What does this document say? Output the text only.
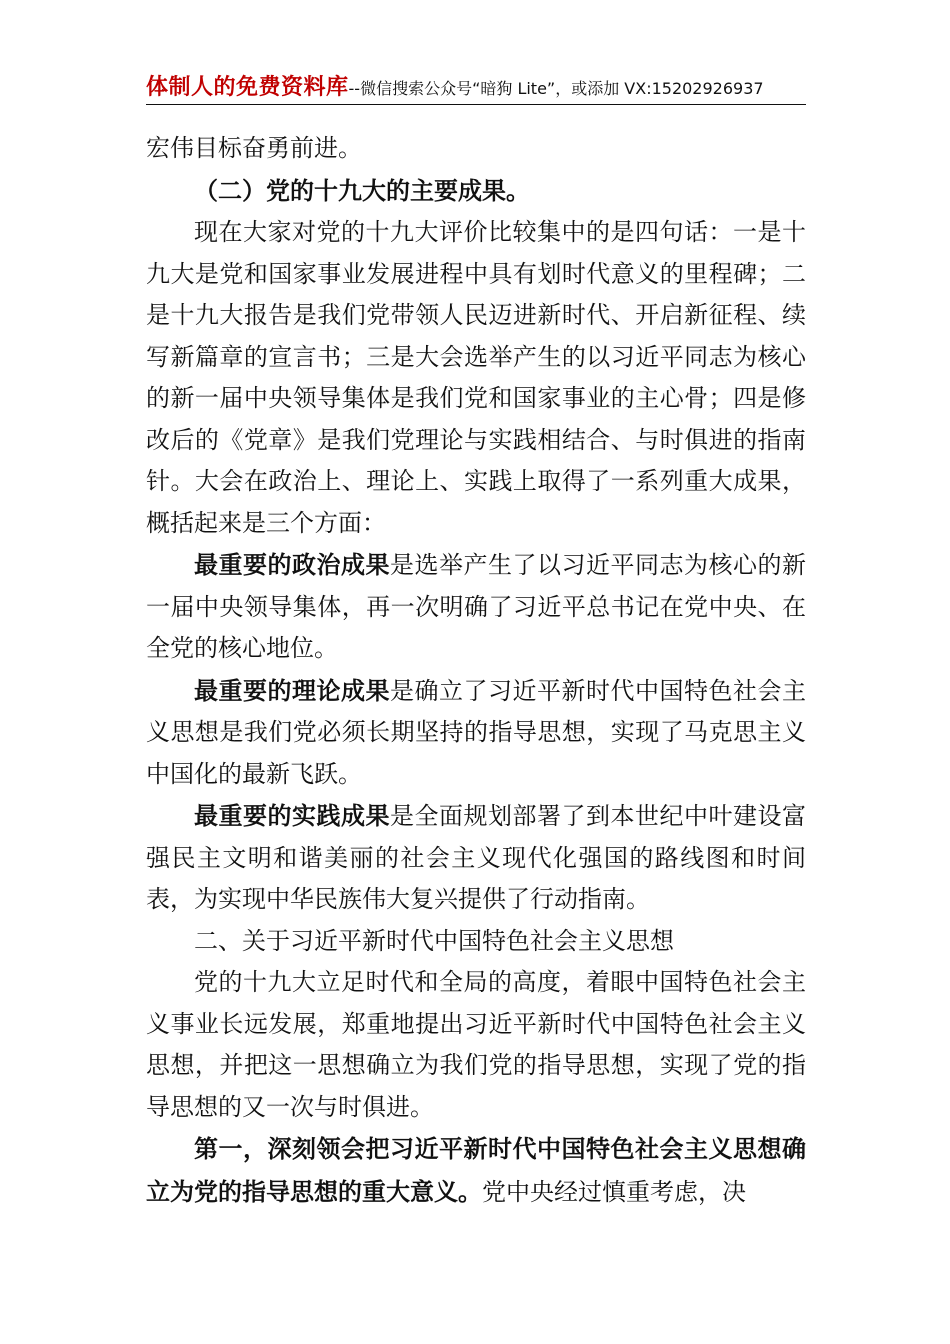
体制人的免费资料库--微信搜索公众号“暗狗 Lite”，或添加 VX:15202926937

宏伟目标奋勇前进。

（二）党的十九大的主要成果。

现在大家对党的十九大评价比较集中的是四句话：一是十九大是党和国家事业发展进程中具有划时代意义的里程碑；二是十九大报告是我们党带领人民迈进新时代、开启新征程、续写新篇章的宣言书；三是大会选举产生的以习近平同志为核心的新一届中央领导集体是我们党和国家事业的主心骨；四是修改后的《党章》是我们党理论与实践相结合、与时俱进的指南针。大会在政治上、理论上、实践上取得了一系列重大成果，概括起来是三个方面：

最重要的政治成果是选举产生了以习近平同志为核心的新一届中央领导集体，再一次明确了习近平总书记在党中央、在全党的核心地位。

最重要的理论成果是确立了习近平新时代中国特色社会主义思想是我们党必须长期坚持的指导思想，实现了马克思主义中国化的最新飞跃。

最重要的实践成果是全面规划部署了到本世纪中叶建设富强民主文明和谐美丽的社会主义现代化强国的路线图和时间表，为实现中华民族伟大复兴提供了行动指南。

二、关于习近平新时代中国特色社会主义思想

党的十九大立足时代和全局的高度，着眼中国特色社会主义事业长远发展，郑重地提出习近平新时代中国特色社会主义思想，并把这一思想确立为我们党的指导思想，实现了党的指导思想的又一次与时俱进。

第一，深刻领会把习近平新时代中国特色社会主义思想确立为党的指导思想的重大意义。党中央经过慎重考虑，决
